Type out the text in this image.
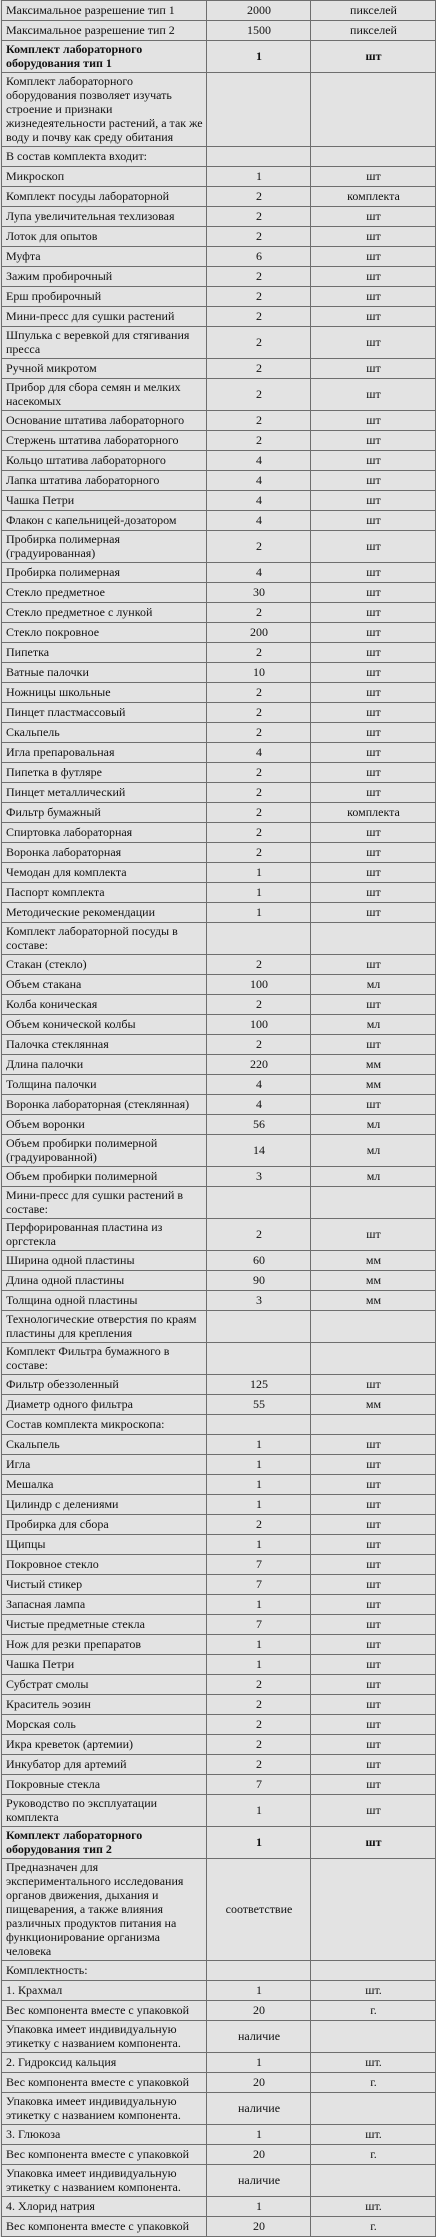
Максимальное разрешение тип 1	2000	пикселей
Максимальное разрешение тип 2	1500	пикселей
Комплект лабораторного оборудования тип 1	1	шт
Комплект лабораторного оборудования позволяет изучать строение и признаки жизнедеятельности растений, а так же воду и почву как среду обитания		
В состав комплекта входит:		
Микроскоп	1	шт
Комплект посуды лабораторной	2	комплекта
Лупа увеличительная техлизовая	2	шт
Лоток для опытов	2	шт
Муфта	6	шт
Зажим пробирочный	2	шт
Ерш пробирочный	2	шт
Мини-пресс для сушки растений	2	шт
Шпулька с веревкой для стягивания пресса	2	шт
Ручной микротом	2	шт
Прибор для сбора семян и мелких насекомых	2	шт
Основание штатива лабораторного	2	шт
Стержень штатива лабораторного	2	шт
Кольцо штатива лабораторного	4	шт
Лапка штатива лабораторного	4	шт
Чашка Петри	4	шт
Флакон с капельницей-дозатором	4	шт
Пробирка полимерная (градуированная)	2	шт
Пробирка полимерная	4	шт
Стекло предметное	30	шт
Стекло предметное с лункой	2	шт
Стекло покровное	200	шт
Пипетка	2	шт
Ватные палочки	10	шт
Ножницы школьные	2	шт
Пинцет пластмассовый	2	шт
Скальпель	2	шт
Игла препаровальная	4	шт
Пипетка в футляре	2	шт
Пинцет металлический	2	шт
Фильтр бумажный	2	комплекта
Спиртовка лабораторная	2	шт
Воронка лабораторная	2	шт
Чемодан для комплекта	1	шт
Паспорт комплекта	1	шт
Методические рекомендации	1	шт
Комплект лабораторной посуды в составе:		
Стакан (стекло)	2	шт
Объем стакана	100	мл
Колба коническая	2	шт
Объем конической колбы	100	мл
Палочка стеклянная	2	шт
Длина палочки	220	мм
Толщина палочки	4	мм
Воронка лабораторная (стеклянная)	4	шт
Объем воронки	56	мл
Объем пробирки полимерной (градуированной)	14	мл
Объем пробирки полимерной	3	мл
Мини-пресс для сушки растений в составе:		
Перфорированная пластина из оргстекла	2	шт
Ширина одной пластины	60	мм
Длина одной пластины	90	мм
Толщина одной пластины	3	мм
Технологические отверстия по краям пластины для крепления		
Комплект Фильтра бумажного в составе:		
Фильтр обеззоленный	125	шт
Диаметр одного фильтра	55	мм
Состав комплекта микроскопа:		
Скальпель	1	шт
Игла	1	шт
Мешалка	1	шт
Цилиндр с делениями	1	шт
Пробирка для сбора	2	шт
Щипцы	1	шт
Покровное стекло	7	шт
Чистый стикер	7	шт
Запасная лампа	1	шт
Чистые предметные стекла	7	шт
Нож для резки препаратов	1	шт
Чашка Петри	1	шт
Субстрат смолы	2	шт
Краситель эозин	2	шт
Морская соль	2	шт
Икра креветок (артемии)	2	шт
Инкубатор для артемий	2	шт
Покровные стекла	7	шт
Руководство по эксплуатации комплекта	1	шт
Комплект лабораторного оборудования тип 2	1	шт
Предназначен для экспериментального исследования органов движения, дыхания и пищеварения, а также влияния различных продуктов питания на функционирование организма человека	соответствие	
Комплектность:		
1. Крахмал	1	шт.
Вес компонента вместе с упаковкой	20	г.
Упаковка имеет индивидуальную этикетку с названием компонента.	наличие	
2. Гидроксид кальция	1	шт.
Вес компонента вместе с упаковкой	20	г.
Упаковка имеет индивидуальную этикетку с названием компонента.	наличие	
3. Глюкоза	1	шт.
Вес компонента вместе с упаковкой	20	г.
Упаковка имеет индивидуальную этикетку с названием компонента.	наличие	
4. Хлорид натрия	1	шт.
Вес компонента вместе с упаковкой	20	г.
